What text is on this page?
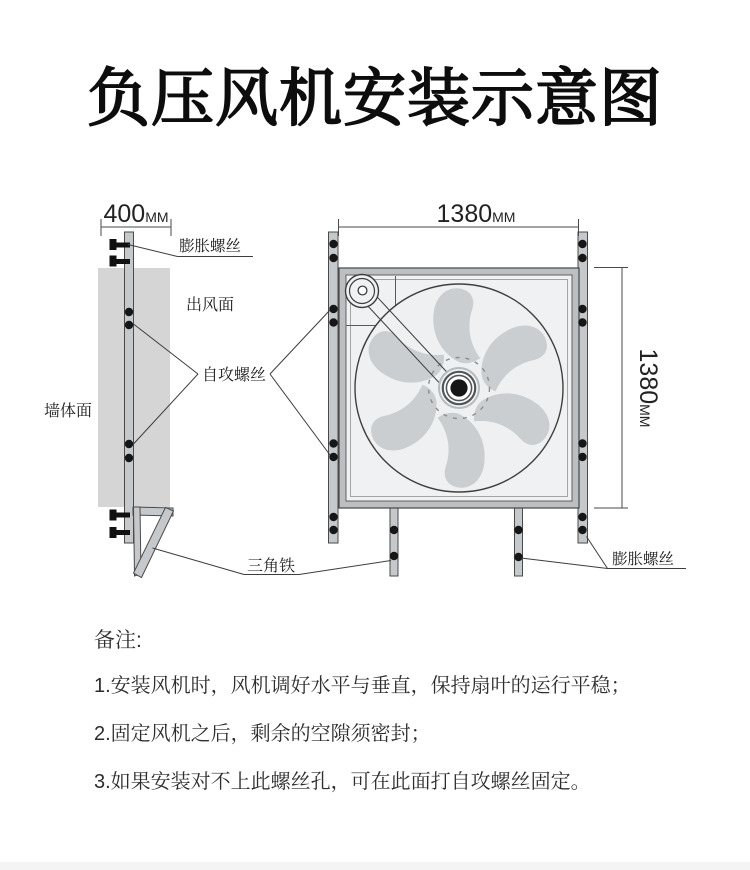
负压风机安装示意图
400MM	1380MM
1380MM
膨胀螺丝
出风面
墙体面
自攻螺丝
三角铁	膨胀螺丝
备注:
1.安装风机时，风机调好水平与垂直，保持扇叶的运行平稳；
2.固定风机之后，剩余的空隙须密封；
3.如果安装对不上此螺丝孔，可在此面打自攻螺丝固定。
